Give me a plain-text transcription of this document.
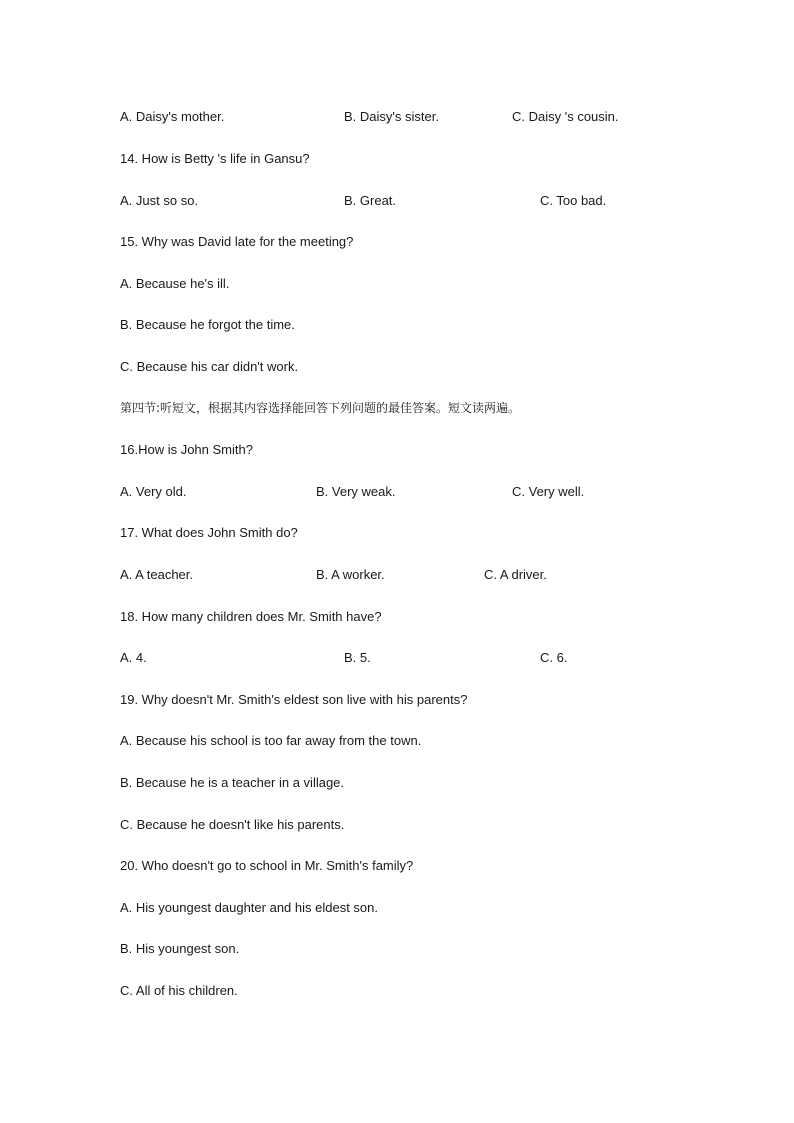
A. Daisy's mother.	B. Daisy's sister.	C. Daisy 's cousin.
14. How is Betty 's life in Gansu?
A. Just so so.	B. Great.	C. Too bad.
15. Why was David late for the meeting?
A. Because he's ill.
B. Because he forgot the time.
C. Because his car didn't work.
第四节:听短文，根据其内容选择能回答下列问题的最佳答案。短文读两遍。
16.How is John Smith?
A. Very old.	B. Very weak.	C. Very well.
17. What does John Smith do?
A. A teacher.	B. A worker.	C. A driver.
18. How many children does Mr. Smith have?
A. 4.	B. 5.	C. 6.
19. Why doesn't Mr. Smith's eldest son live with his parents?
A. Because his school is too far away from the town.
B. Because he is a teacher in a village.
C. Because he doesn't like his parents.
20. Who doesn't go to school in Mr. Smith's family?
A. His youngest daughter and his eldest son.
B. His youngest son.
C. All of his children.
